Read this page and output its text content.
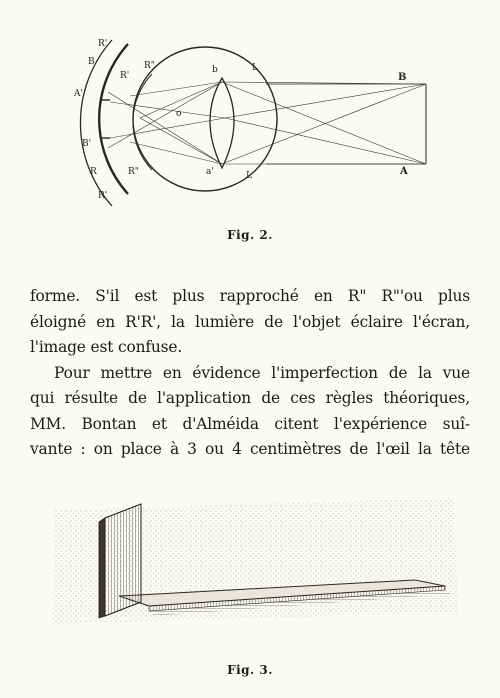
R'
R'
B
A'
B'
R
R'
R"
R"	b
a'
o
L
L
B
A
Fig. 2.
forme. S'il est plus rapproché en R" R"'ou plus
éloigné en R'R', la lumière de l'objet éclaire l'écran,
l'image est confuse.
Pour mettre en évidence l'imperfection de la vue
qui résulte de l'application de ces règles théoriques,
MM. Bontan et d'Alméida citent l'expérience suî-
vante : on place à 3 ou 4 centimètres de l'œil la tête
Fig. 3.
